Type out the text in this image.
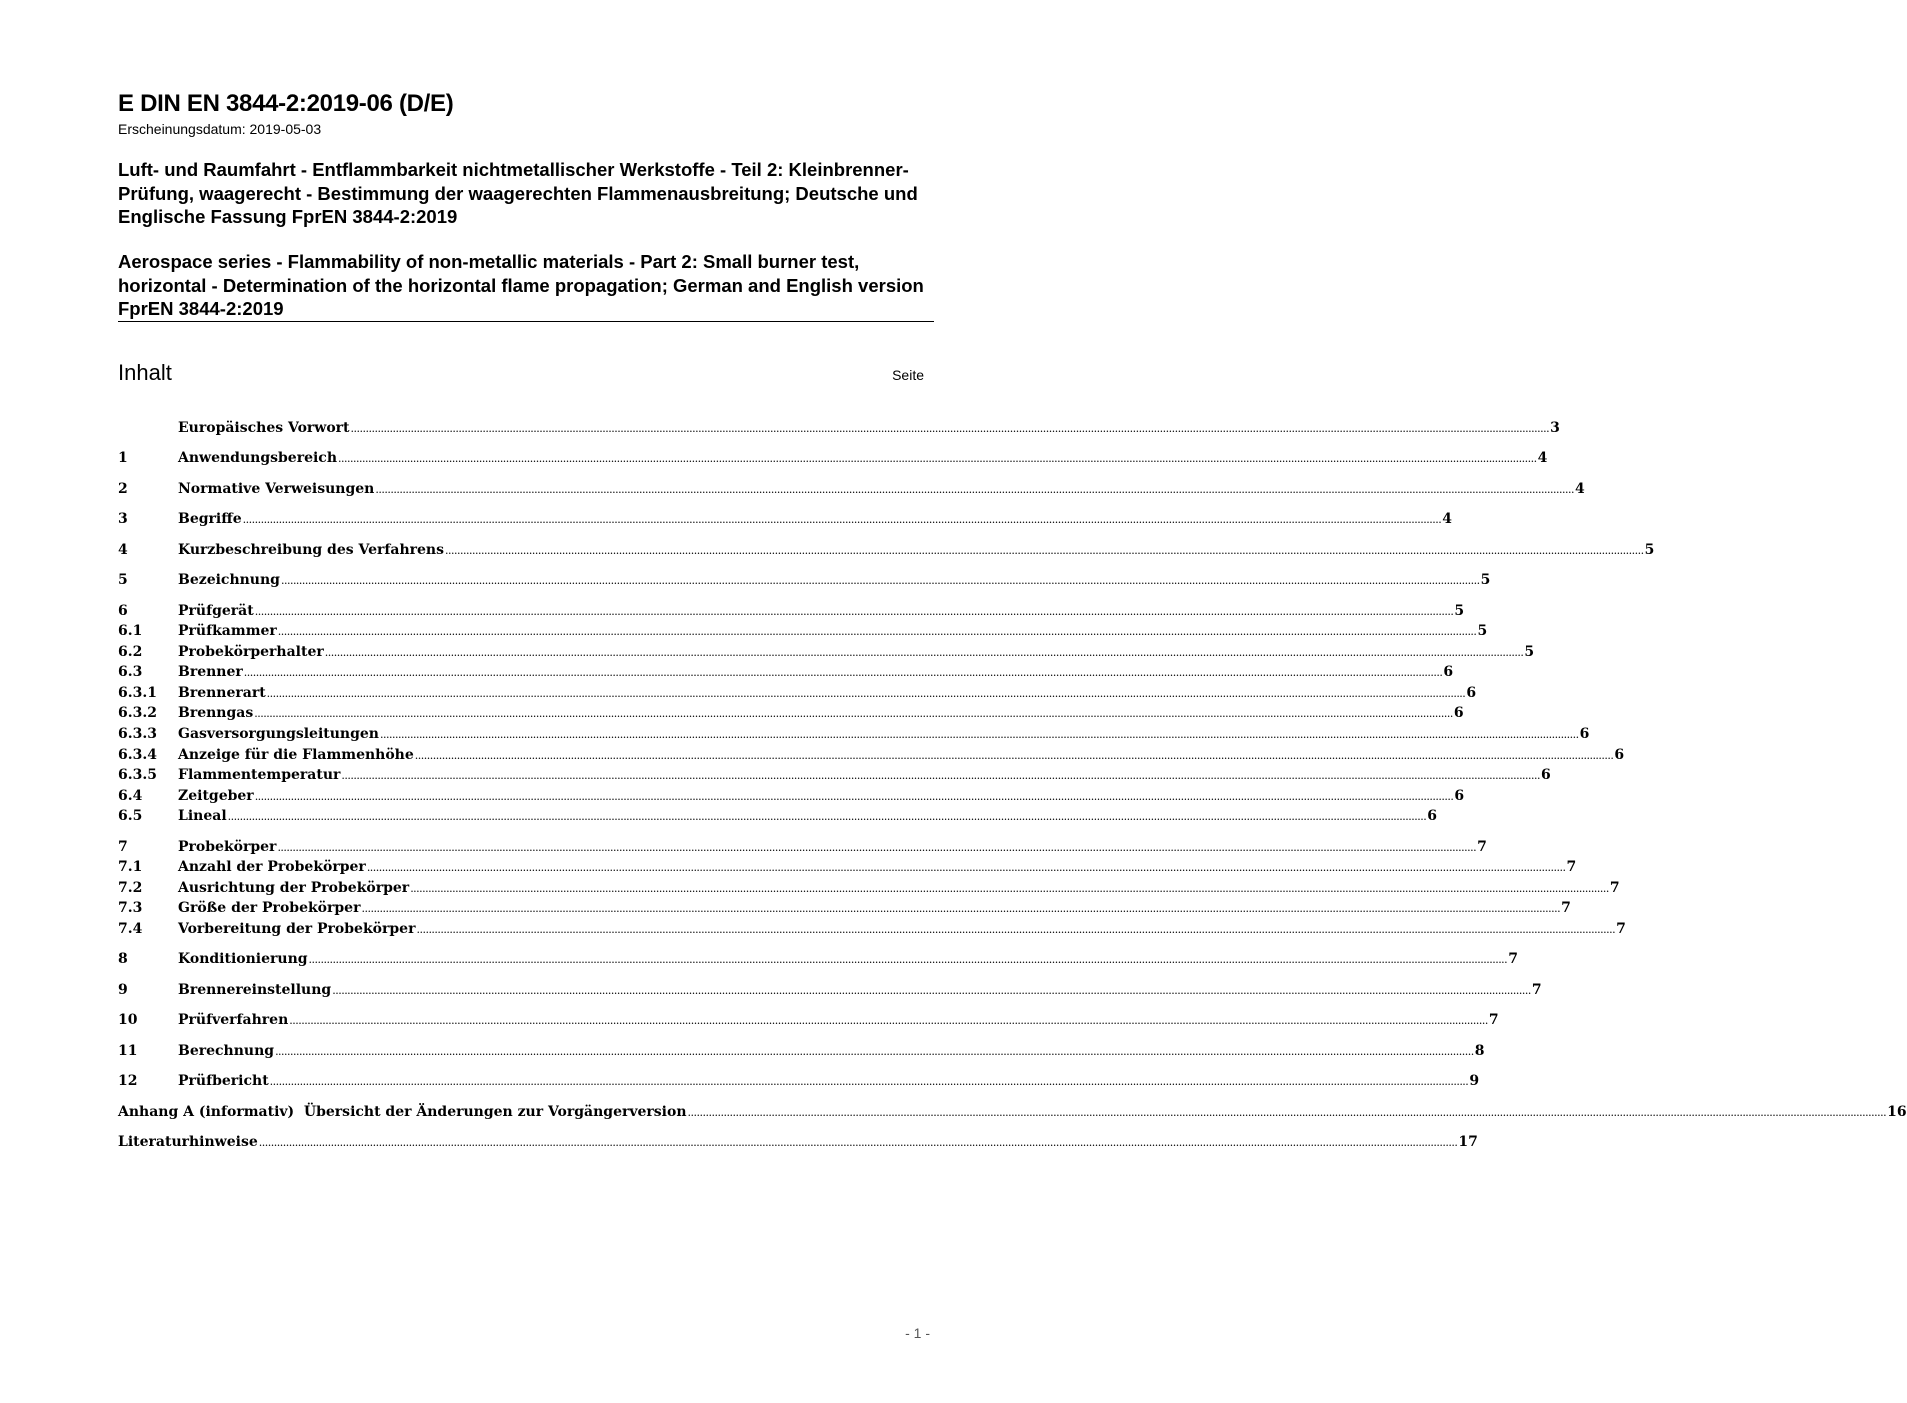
E DIN EN 3844-2:2019-06 (D/E)
Erscheinungsdatum: 2019-05-03

Luft- und Raumfahrt - Entflammbarkeit nichtmetallischer Werkstoffe - Teil 2: Kleinbrenner-Prüfung, waagerecht - Bestimmung der waagerechten Flammenausbreitung; Deutsche und Englische Fassung FprEN 3844-2:2019

Aerospace series - Flammability of non-metallic materials - Part 2: Small burner test, horizontal - Determination of the horizontal flame propagation; German and English version FprEN 3844-2:2019

Inhalt	Seite
Europäisches Vorwort ................................................................................................................................................................................................................................................................................................................................................................................................................ 3
1	Anwendungsbereich ................................................................................................................................................................................................................................................................................................................................................................................................................ 4
2	Normative Verweisungen ................................................................................................................................................................................................................................................................................................................................................................................................................ 4
3	Begriffe ................................................................................................................................................................................................................................................................................................................................................................................................................ 4
4	Kurzbeschreibung des Verfahrens ................................................................................................................................................................................................................................................................................................................................................................................................................ 5
5	Bezeichnung ................................................................................................................................................................................................................................................................................................................................................................................................................ 5
6	Prüfgerät ................................................................................................................................................................................................................................................................................................................................................................................................................ 5
6.1	Prüfkammer ................................................................................................................................................................................................................................................................................................................................................................................................................ 5
6.2	Probekörperhalter ................................................................................................................................................................................................................................................................................................................................................................................................................ 5
6.3	Brenner ................................................................................................................................................................................................................................................................................................................................................................................................................ 6
6.3.1	Brennerart ................................................................................................................................................................................................................................................................................................................................................................................................................ 6
6.3.2	Brenngas ................................................................................................................................................................................................................................................................................................................................................................................................................ 6
6.3.3	Gasversorgungsleitungen ................................................................................................................................................................................................................................................................................................................................................................................................................ 6
6.3.4	Anzeige für die Flammenhöhe ................................................................................................................................................................................................................................................................................................................................................................................................................ 6
6.3.5	Flammentemperatur ................................................................................................................................................................................................................................................................................................................................................................................................................ 6
6.4	Zeitgeber ................................................................................................................................................................................................................................................................................................................................................................................................................ 6
6.5	Lineal ................................................................................................................................................................................................................................................................................................................................................................................................................ 6
7	Probekörper ................................................................................................................................................................................................................................................................................................................................................................................................................ 7
7.1	Anzahl der Probekörper ................................................................................................................................................................................................................................................................................................................................................................................................................ 7
7.2	Ausrichtung der Probekörper ................................................................................................................................................................................................................................................................................................................................................................................................................ 7
7.3	Größe der Probekörper ................................................................................................................................................................................................................................................................................................................................................................................................................ 7
7.4	Vorbereitung der Probekörper ................................................................................................................................................................................................................................................................................................................................................................................................................ 7
8	Konditionierung ................................................................................................................................................................................................................................................................................................................................................................................................................ 7
9	Brennereinstellung ................................................................................................................................................................................................................................................................................................................................................................................................................ 7
10	Prüfverfahren ................................................................................................................................................................................................................................................................................................................................................................................................................ 7
11	Berechnung ................................................................................................................................................................................................................................................................................................................................................................................................................ 8
12	Prüfbericht ................................................................................................................................................................................................................................................................................................................................................................................................................ 9
Anhang A (informativ)  Übersicht der Änderungen zur Vorgängerversion ................................................................................................................................................................................................................................................................................................................................................................................................................ 16
Literaturhinweise ................................................................................................................................................................................................................................................................................................................................................................................................................ 17
- 1 -
